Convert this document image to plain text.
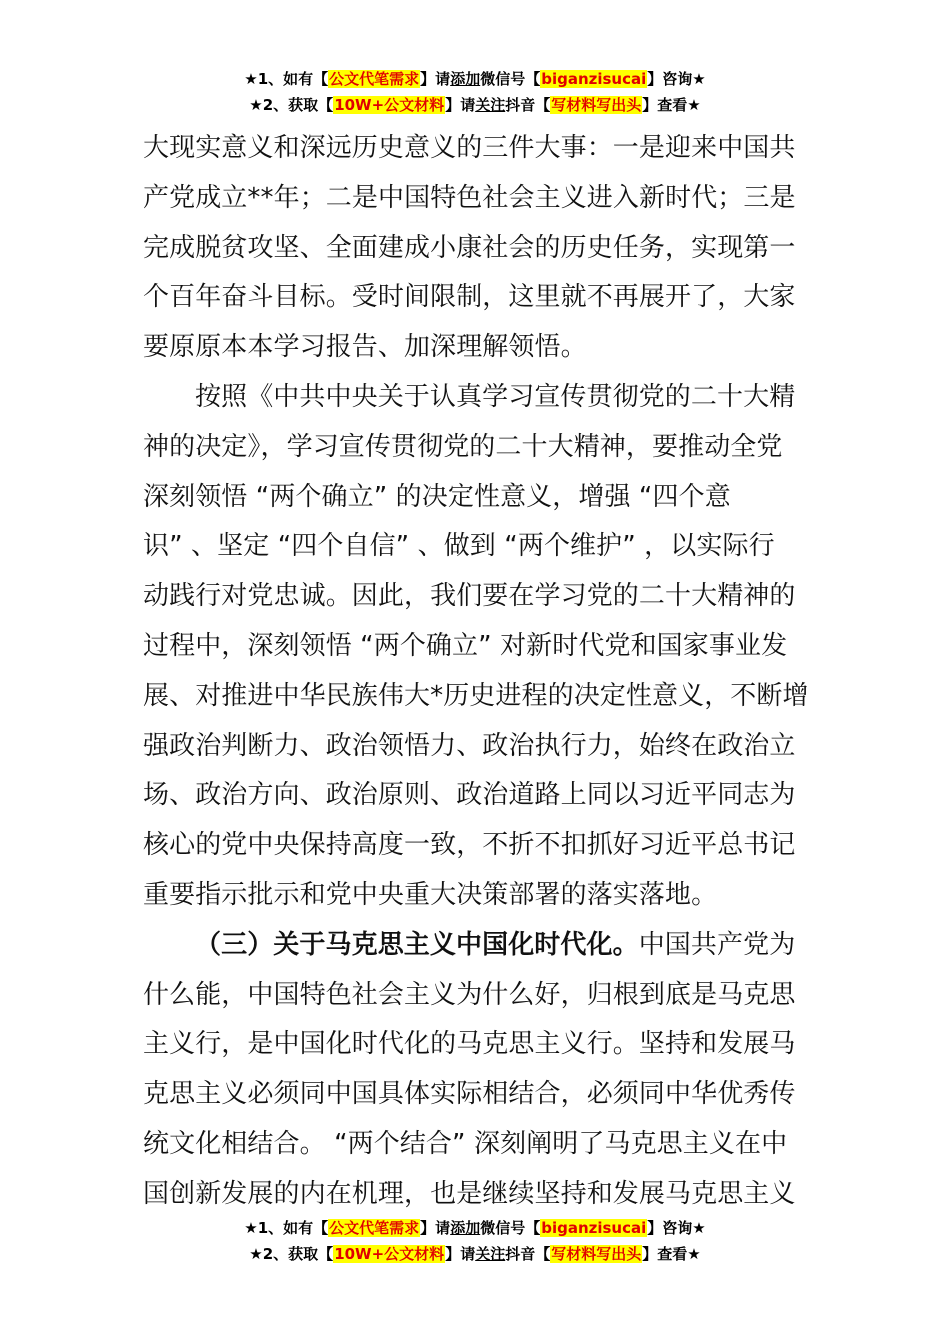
★1、如有【公文代笔需求】请添加微信号【biganzisucai】咨询★
★2、获取【10W+公文材料】请关注抖音【写材料写出头】查看★

大现实意义和深远历史意义的三件大事：一是迎来中国共
产党成立**年；二是中国特色社会主义进入新时代；三是
完成脱贫攻坚、全面建成小康社会的历史任务，实现第一
个百年奋斗目标。受时间限制，这里就不再展开了，大家
要原原本本学习报告、加深理解领悟。

按照《中共中央关于认真学习宣传贯彻党的二十大精
神的决定》，学习宣传贯彻党的二十大精神，要推动全党
深刻领悟 “两个确立” 的决定性意义，增强 “四个意
识” 、坚定 “四个自信” 、做到 “两个维护” ，以实际行
动践行对党忠诚。因此，我们要在学习党的二十大精神的
过程中，深刻领悟 “两个确立” 对新时代党和国家事业发
展、对推进中华民族伟大*历史进程的决定性意义，不断增
强政治判断力、政治领悟力、政治执行力，始终在政治立
场、政治方向、政治原则、政治道路上同以习近平同志为
核心的党中央保持高度一致，不折不扣抓好习近平总书记
重要指示批示和党中央重大决策部署的落实落地。

（三）关于马克思主义中国化时代化。中国共产党为
什么能，中国特色社会主义为什么好，归根到底是马克思
主义行，是中国化时代化的马克思主义行。坚持和发展马
克思主义必须同中国具体实际相结合，必须同中华优秀传
统文化相结合。 “两个结合” 深刻阐明了马克思主义在中
国创新发展的内在机理，也是继续坚持和发展马克思主义

★1、如有【公文代笔需求】请添加微信号【biganzisucai】咨询★
★2、获取【10W+公文材料】请关注抖音【写材料写出头】查看★
